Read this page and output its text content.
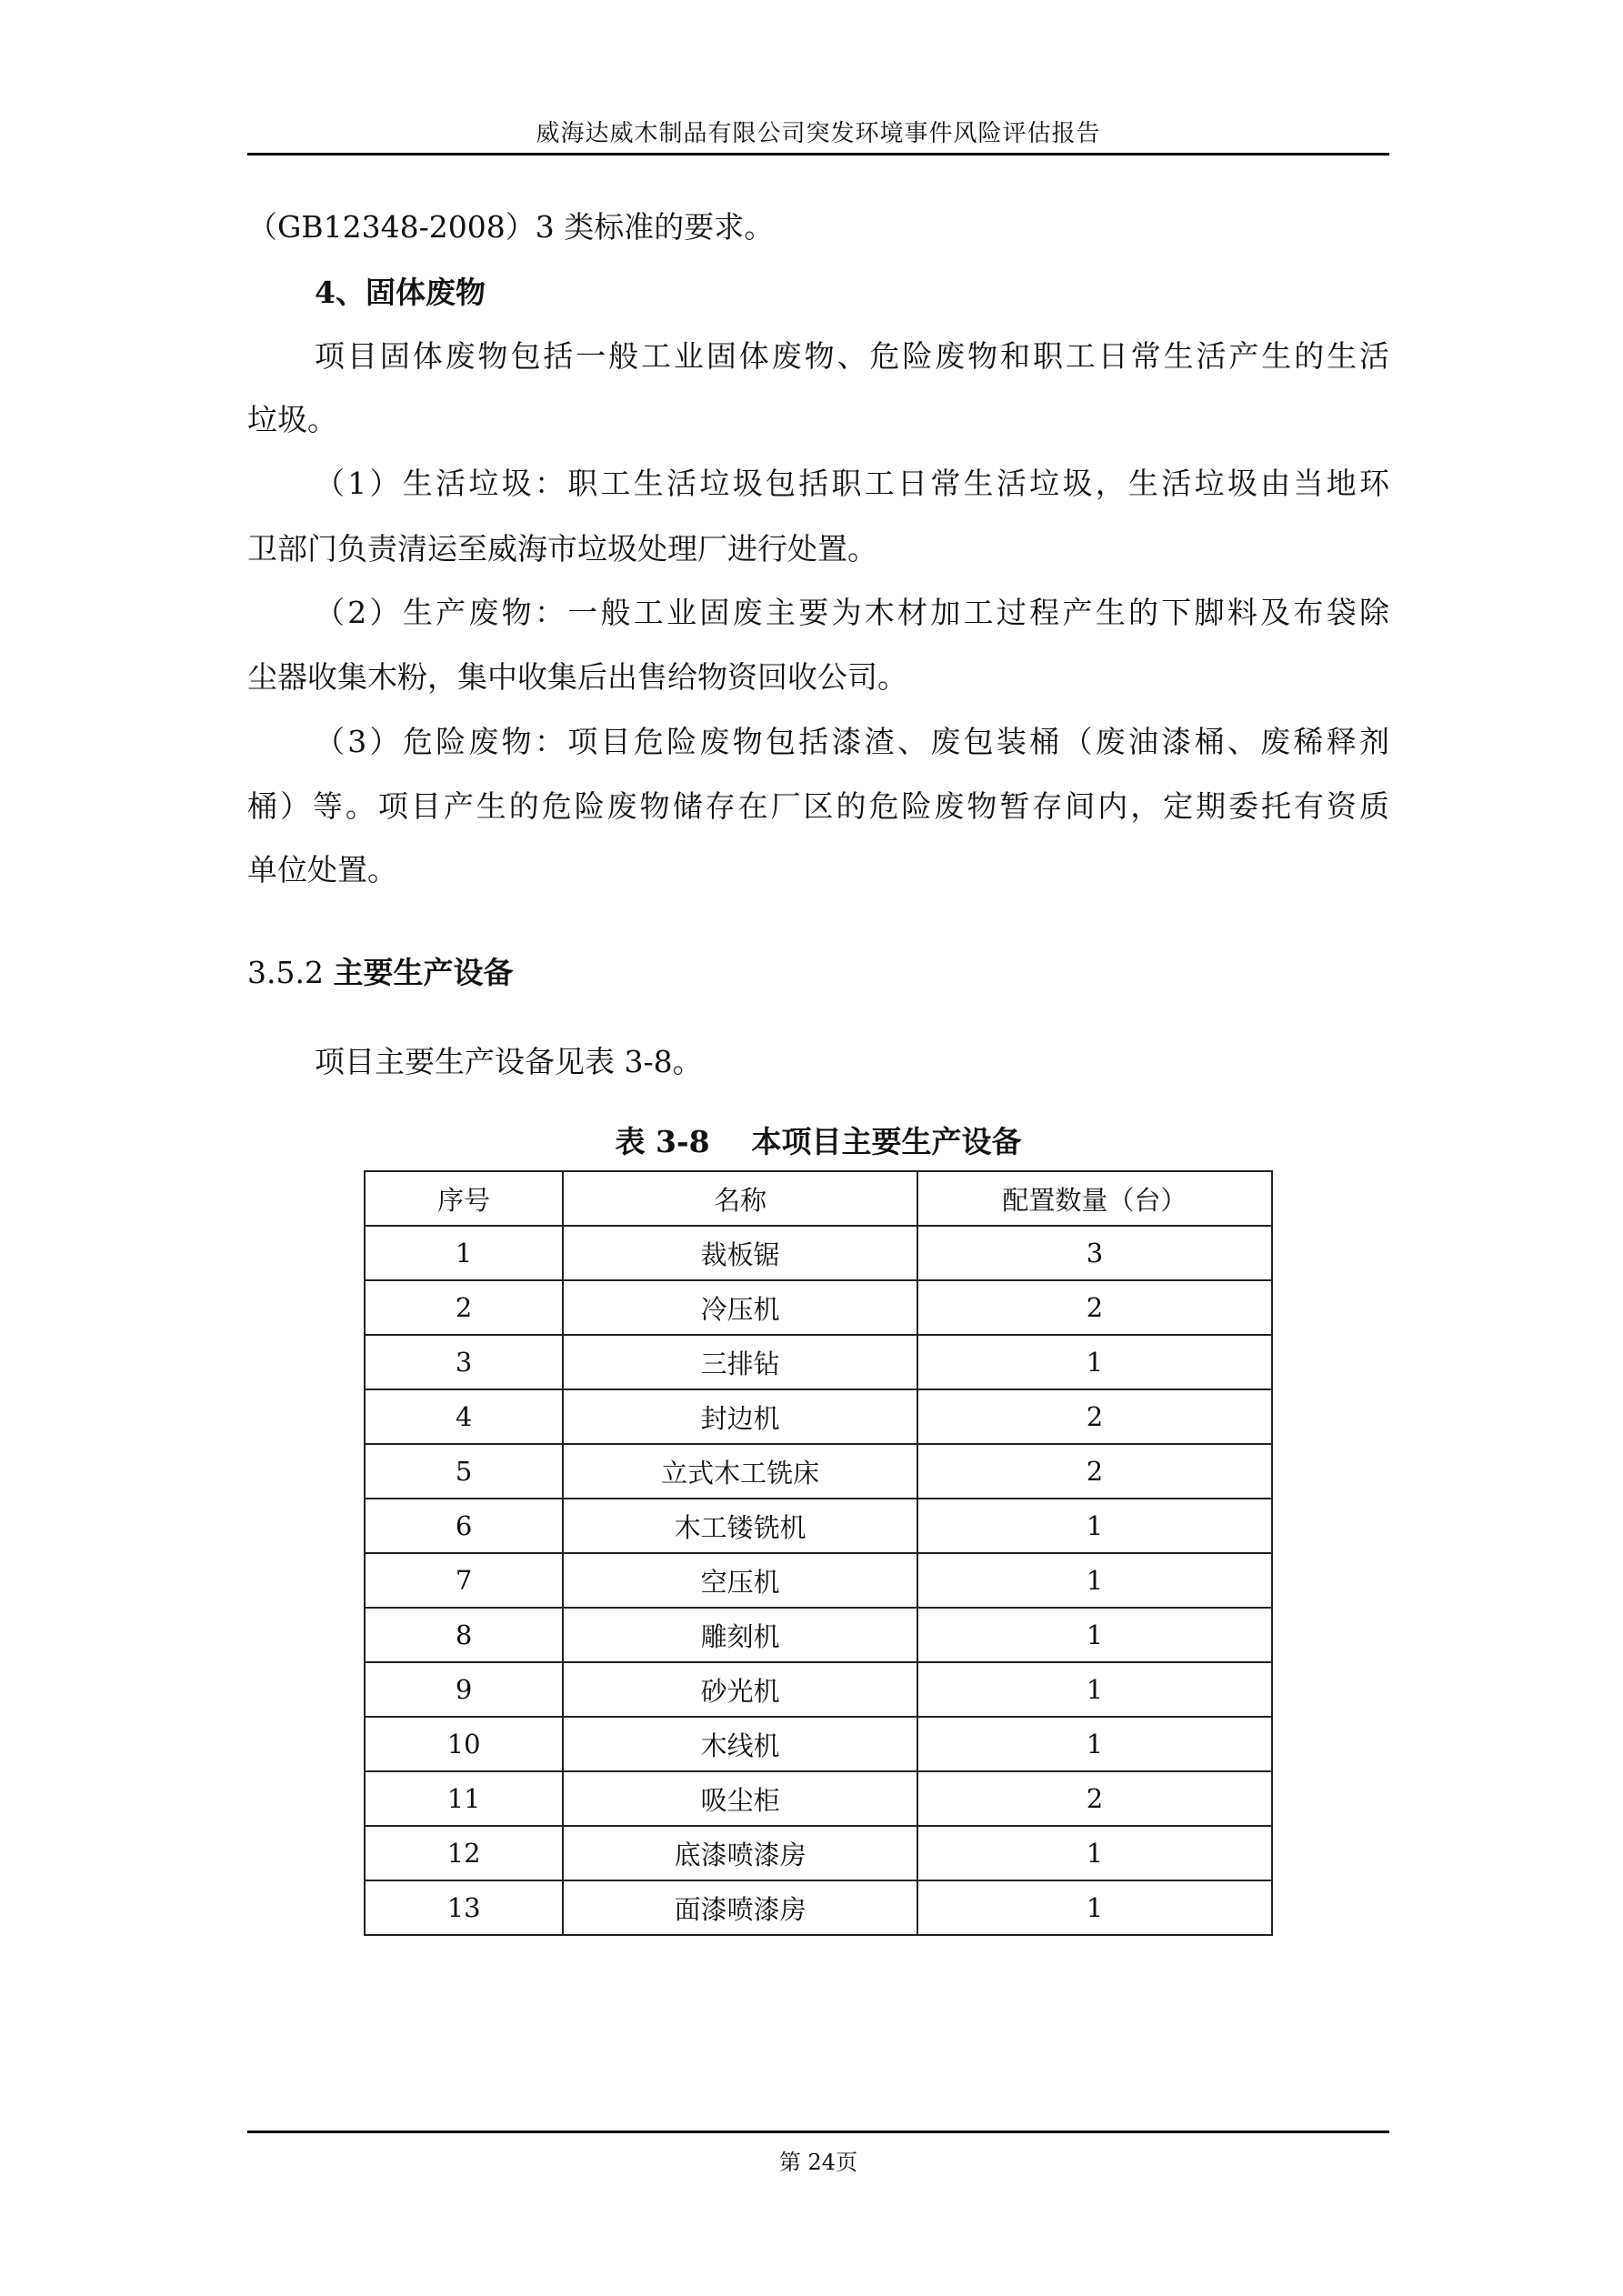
威海达威木制品有限公司突发环境事件风险评估报告
（GB12348-2008）3 类标准的要求。
4、固体废物
项目固体废物包括一般工业固体废物、危险废物和职工日常生活产生的生活
垃圾。
（1）生活垃圾：职工生活垃圾包括职工日常生活垃圾，生活垃圾由当地环
卫部门负责清运至威海市垃圾处理厂进行处置。
（2）生产废物：一般工业固废主要为木材加工过程产生的下脚料及布袋除
尘器收集木粉，集中收集后出售给物资回收公司。
（3）危险废物：项目危险废物包括漆渣、废包装桶（废油漆桶、废稀释剂
桶）等。项目产生的危险废物储存在厂区的危险废物暂存间内，定期委托有资质
单位处置。
3.5.2 主要生产设备
项目主要生产设备见表 3-8。
表 3-8 本项目主要生产设备
序号	名称	配置数量（台）
1	裁板锯	3
2	冷压机	2
3	三排钻	1
4	封边机	2
5	立式木工铣床	2
6	木工镂铣机	1
7	空压机	1
8	雕刻机	1
9	砂光机	1
10	木线机	1
11	吸尘柜	2
12	底漆喷漆房	1
13	面漆喷漆房	1
第 24页
